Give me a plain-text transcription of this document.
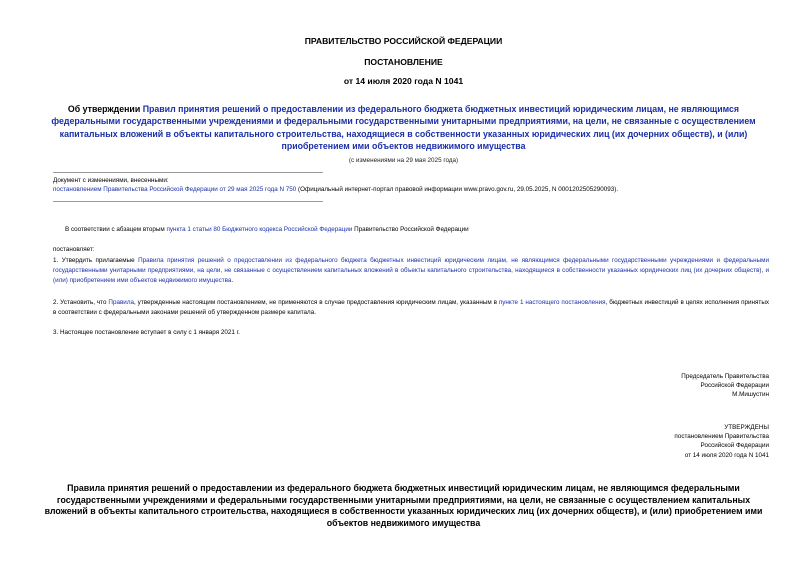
ПРАВИТЕЛЬСТВО РОССИЙСКОЙ ФЕДЕРАЦИИ
ПОСТАНОВЛЕНИЕ
от 14 июля 2020 года N 1041
Об утверждении Правил принятия решений о предоставлении из федерального бюджета бюджетных инвестиций юридическим лицам, не являющимся федеральными государственными учреждениями и федеральными государственными унитарными предприятиями, на цели, не связанные с осуществлением капитальных вложений в объекты капитального строительства, находящиеся в собственности указанных юридических лиц (их дочерних обществ), и (или) приобретением ими объектов недвижимого имущества
(с изменениями на 29 мая 2025 года)
Документ с изменениями, внесенными:
постановлением Правительства Российской Федерации от 29 мая 2025 года N 750 (Официальный интернет-портал правовой информации www.pravo.gov.ru, 29.05.2025, N 0001202505290093).
В соответствии с абзацем вторым пункта 1 статьи 80 Бюджетного кодекса Российской Федерации Правительство Российской Федерации
постановляет:
1. Утвердить прилагаемые Правила принятия решений о предоставлении из федерального бюджета бюджетных инвестиций юридическим лицам, не являющимся федеральными государственными учреждениями и федеральными государственными унитарными предприятиями, на цели, не связанные с осуществлением капитальных вложений в объекты капитального строительства, находящиеся в собственности указанных юридических лиц (их дочерних обществ), и (или) приобретением ими объектов недвижимого имущества.
2. Установить, что Правила, утвержденные настоящим постановлением, не применяются в случае предоставления юридическим лицам, указанным в пункте 1 настоящего постановления, бюджетных инвестиций в целях исполнения принятых в соответствии с федеральными законами решений об утвержденном размере капитала.
3. Настоящее постановление вступает в силу с 1 января 2021 г.
Председатель Правительства
Российской Федерации
М.Мишустин
УТВЕРЖДЕНЫ
постановлением Правительства
Российской Федерации
от 14 июля 2020 года N 1041
Правила принятия решений о предоставлении из федерального бюджета бюджетных инвестиций юридическим лицам, не являющимся федеральными государственными учреждениями и федеральными государственными унитарными предприятиями, на цели, не связанные с осуществлением капитальных вложений в объекты капитального строительства, находящиеся в собственности указанных юридических лиц (их дочерних обществ), и (или) приобретением ими объектов недвижимого имущества
